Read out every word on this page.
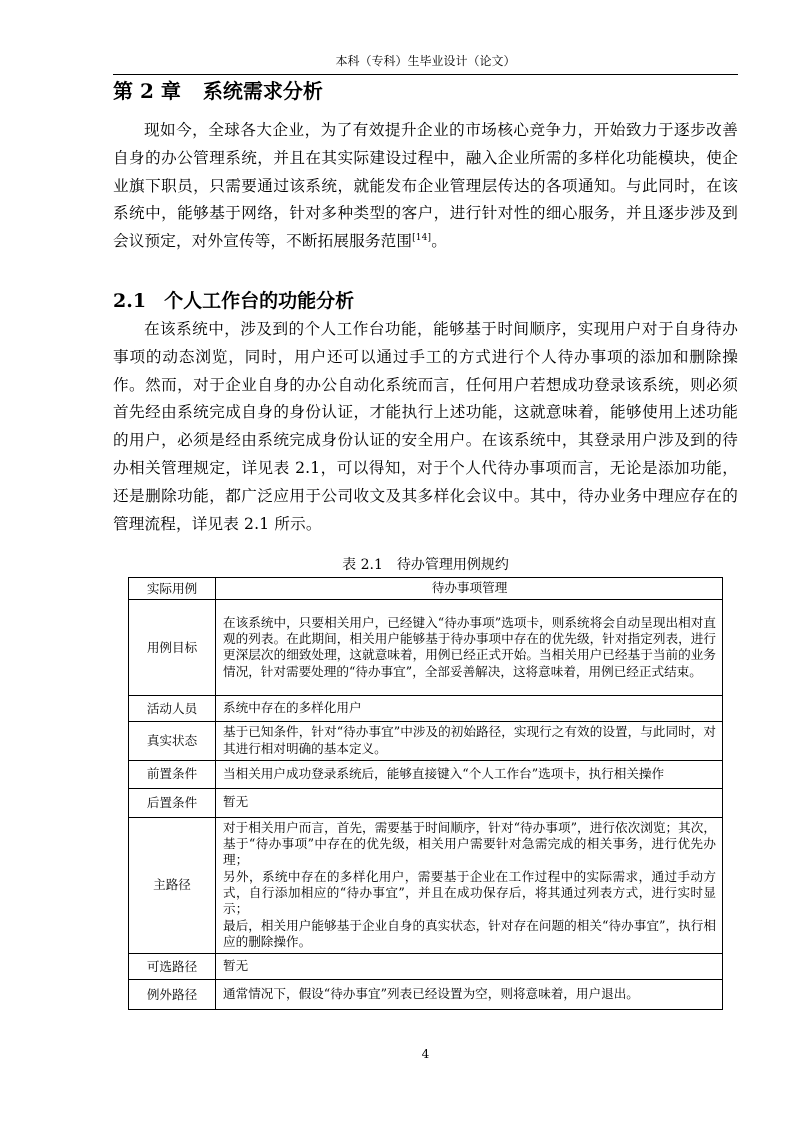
本科（专科）生毕业设计（论文）
第 2 章 系统需求分析

现如今，全球各大企业，为了有效提升企业的市场核心竞争力，开始致力于逐步改善自身的办公管理系统，并且在其实际建设过程中，融入企业所需的多样化功能模块，使企业旗下职员，只需要通过该系统，就能发布企业管理层传达的各项通知。与此同时，在该系统中，能够基于网络，针对多种类型的客户，进行针对性的细心服务，并且逐步涉及到会议预定，对外宣传等，不断拓展服务范围[14]。

2.1 个人工作台的功能分析

在该系统中，涉及到的个人工作台功能，能够基于时间顺序，实现用户对于自身待办事项的动态浏览，同时，用户还可以通过手工的方式进行个人待办事项的添加和删除操作。然而，对于企业自身的办公自动化系统而言，任何用户若想成功登录该系统，则必须首先经由系统完成自身的身份认证，才能执行上述功能，这就意味着，能够使用上述功能的用户，必须是经由系统完成身份认证的安全用户。在该系统中，其登录用户涉及到的待办相关管理规定，详见表 2.1，可以得知，对于个人代待办事项而言，无论是添加功能，还是删除功能，都广泛应用于公司收文及其多样化会议中。其中，待办业务中理应存在的管理流程，详见表 2.1 所示。

表 2.1　待办管理用例规约
实际用例	待办事项管理

用例目标	在该系统中，只要相关用户，已经键入“待办事项”选项卡，则系统将会自动呈现出相对直观的列表。在此期间，相关用户能够基于待办事项中存在的优先级，针对指定列表，进行更深层次的细致处理，这就意味着，用例已经正式开始。当相关用户已经基于当前的业务情况，针对需要处理的“待办事宜”，全部妥善解决，这将意味着，用例已经正式结束。

活动人员	系统中存在的多样化用户

真实状态	基于已知条件，针对“待办事宜”中涉及的初始路径，实现行之有效的设置，与此同时，对其进行相对明确的基本定义。

前置条件	当相关用户成功登录系统后，能够直接键入“个人工作台”选项卡，执行相关操作

后置条件	暂无

主路径	对于相关用户而言，首先，需要基于时间顺序，针对“待办事项”，进行依次浏览；其次，基于“待办事项”中存在的优先级，相关用户需要针对急需完成的相关事务，进行优先办理；
另外，系统中存在的多样化用户，需要基于企业在工作过程中的实际需求，通过手动方式，自行添加相应的“待办事宜”，并且在成功保存后，将其通过列表方式，进行实时显示；
最后，相关用户能够基于企业自身的真实状态，针对存在问题的相关“待办事宜”，执行相应的删除操作。

可选路径	暂无

例外路径	通常情况下，假设“待办事宜”列表已经设置为空，则将意味着，用户退出。
4
